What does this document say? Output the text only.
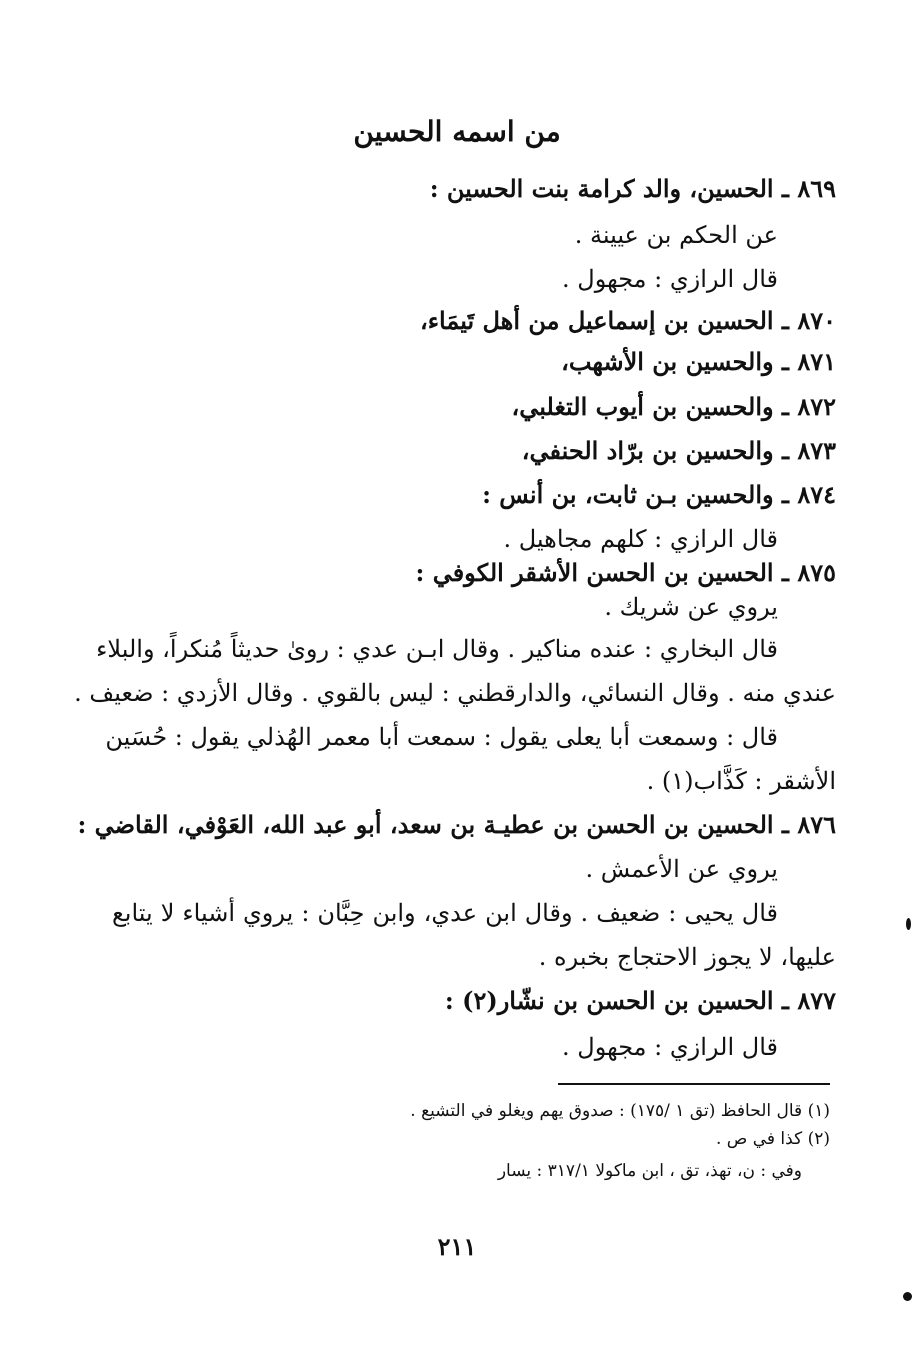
من اسمه الحسين
٨٦٩ ـ الحسين، والد كرامة بنت الحسين :
عن الحكم بن عيينة .
قال الرازي : مجهول .
٨٧٠ ـ الحسين بن إسماعيل من أهل تَيمَاء،
٨٧١ ـ والحسين بن الأشهب،
٨٧٢ ـ والحسين بن أيوب التغلبي،
٨٧٣ ـ والحسين بن برّاد الحنفي،
٨٧٤ ـ والحسين بـن ثابت، بن أنس :
قال الرازي : كلهم مجاهيل .
٨٧٥ ـ الحسين بن الحسن الأشقر الكوفي :
يروي عن شريك .
قال البخاري : عنده مناكير . وقال ابـن عدي : روىٰ حديثاً مُنكراً، والبلاء
عندي منه . وقال النسائي، والدارقطني : ليس بالقوي . وقال الأزدي : ضعيف .
قال : وسمعت أبا يعلى يقول : سمعت أبا معمر الهُذلي يقول : حُسَين
الأشقر : كَذَّاب(١) .
٨٧٦ ـ الحسين بن الحسن بن عطيـة بن سعد، أبو عبد الله، العَوْفي، القاضي :
يروي عن الأعمش .
قال يحيى : ضعيف . وقال ابن عدي، وابن حِبَّان : يروي أشياء لا يتابع
عليها، لا يجوز الاحتجاج بخبره .
٨٧٧ ـ الحسين بن الحسن بن نشّار(٢) :
قال الرازي : مجهول .
(١) قال الحافظ (تق ١ /١٧٥) : صدوق يهم ويغلو في التشيع .
(٢) كذا في ص .
وفي : ن، تهذ، تق ، ابن ماكولا ٣١٧/١ : يسار
٢١١
